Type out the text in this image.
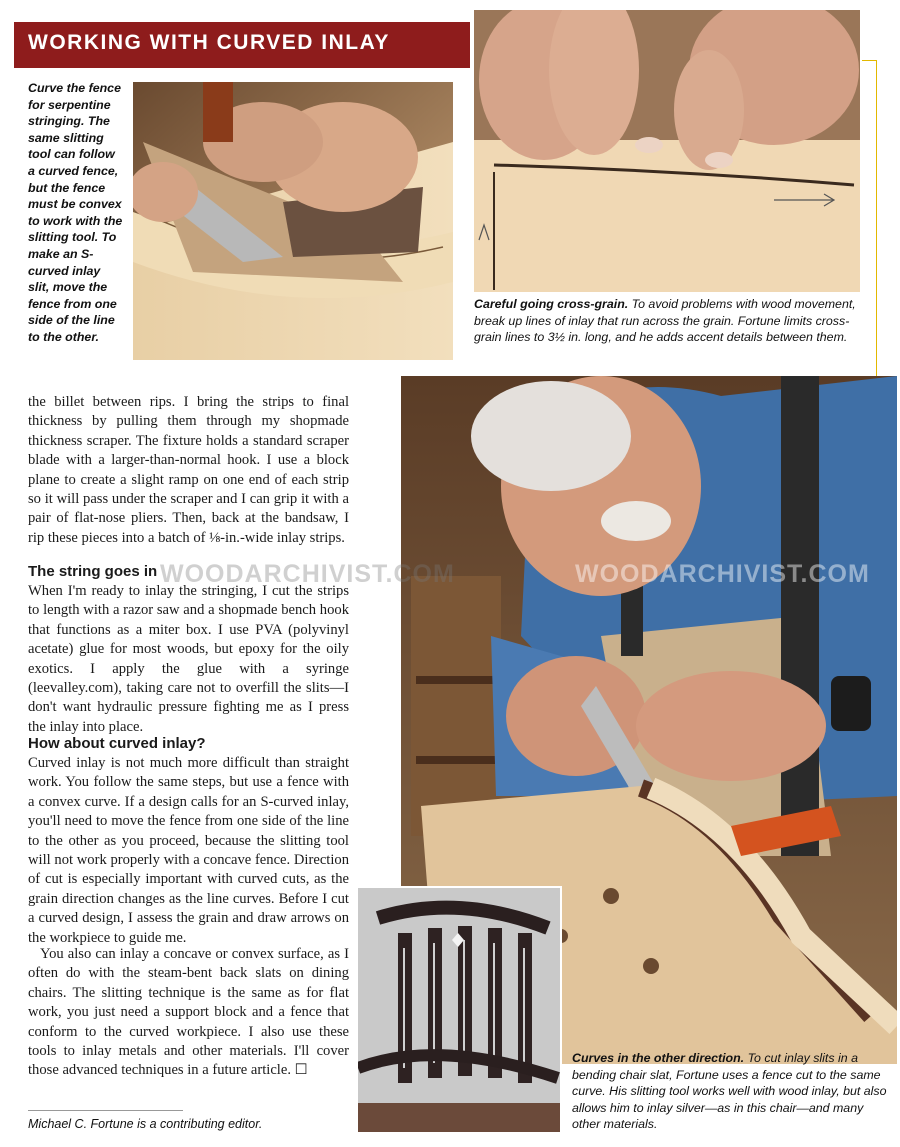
WORKING WITH CURVED INLAY
Curve the fence for serpentine stringing. The same slitting tool can follow a curved fence, but the fence must be convex to work with the slitting tool. To make an S-curved inlay slit, move the fence from one side of the line to the other.
Careful going cross-grain. To avoid problems with wood movement, break up lines of inlay that run across the grain. Fortune limits cross-grain lines to 3½ in. long, and he adds accent details between them.
WOODARCHIVIST.COM	WOODARCHIVIST.COM

the billet between rips. I bring the strips to final thickness by pulling them through my shopmade thickness scraper. The fixture holds a standard scraper blade with a larger-than-normal hook. I use a block plane to create a slight ramp on one end of each strip so it will pass under the scraper and I can grip it with a pair of flat-nose pliers. Then, back at the bandsaw, I rip these pieces into a batch of ⅛-in.-wide inlay strips.

The string goes in

When I'm ready to inlay the stringing, I cut the strips to length with a razor saw and a shopmade bench hook that functions as a miter box. I use PVA (polyvinyl acetate) glue for most woods, but epoxy for the oily exotics. I apply the glue with a syringe (leevalley.com), taking care not to overfill the slits—I don't want hydraulic pressure fighting me as I press the inlay into place.

How about curved inlay?

Curved inlay is not much more difficult than straight work. You follow the same steps, but use a fence with a convex curve. If a design calls for an S-curved inlay, you'll need to move the fence from one side of the line to the other as you proceed, because the slitting tool will not work properly with a concave fence. Direction of cut is especially important with curved cuts, as the grain direction changes as the line curves. Before I cut a curved design, I assess the grain and draw arrows on the workpiece to guide me.

You also can inlay a concave or convex surface, as I often do with the steam-bent back slats on dining chairs. The slitting technique is the same as for flat work, you just need a support block and a fence that conform to the curved workpiece. I also use these tools to inlay metals and other materials. I'll cover those advanced techniques in a future article. ☐

Michael C. Fortune is a contributing editor.
Curves in the other direction. To cut inlay slits in a bending chair slat, Fortune uses a fence cut to the same curve. His slitting tool works well with wood inlay, but also allows him to inlay silver—as in this chair—and many other materials.
